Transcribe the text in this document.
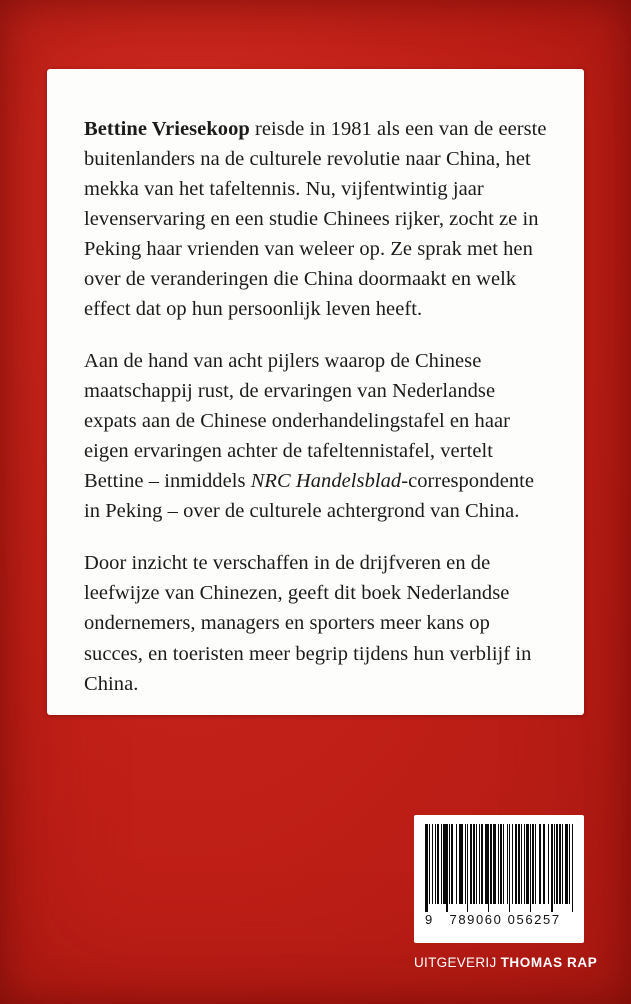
Bettine Vriesekoop reisde in 1981 als een van de eerste buitenlanders na de culturele revolutie naar China, het mekka van het tafeltennis. Nu, vijfentwintig jaar levenservaring en een studie Chinees rijker, zocht ze in Peking haar vrienden van weleer op. Ze sprak met hen over de veranderingen die China doormaakt en welk effect dat op hun persoonlijk leven heeft.

Aan de hand van acht pijlers waarop de Chinese maatschappij rust, de ervaringen van Nederlandse expats aan de Chinese onderhandelingstafel en haar eigen ervaringen achter de tafeltennistafel, vertelt Bettine – inmiddels NRC Handelsblad-correspondente in Peking – over de culturele achtergrond van China.

Door inzicht te verschaffen in de drijfveren en de leefwijze van Chinezen, geeft dit boek Nederlandse ondernemers, managers en sporters meer kans op succes, en toeristen meer begrip tijdens hun verblijf in China.

9 789060 056257
UITGEVERIJ THOMAS RAP
